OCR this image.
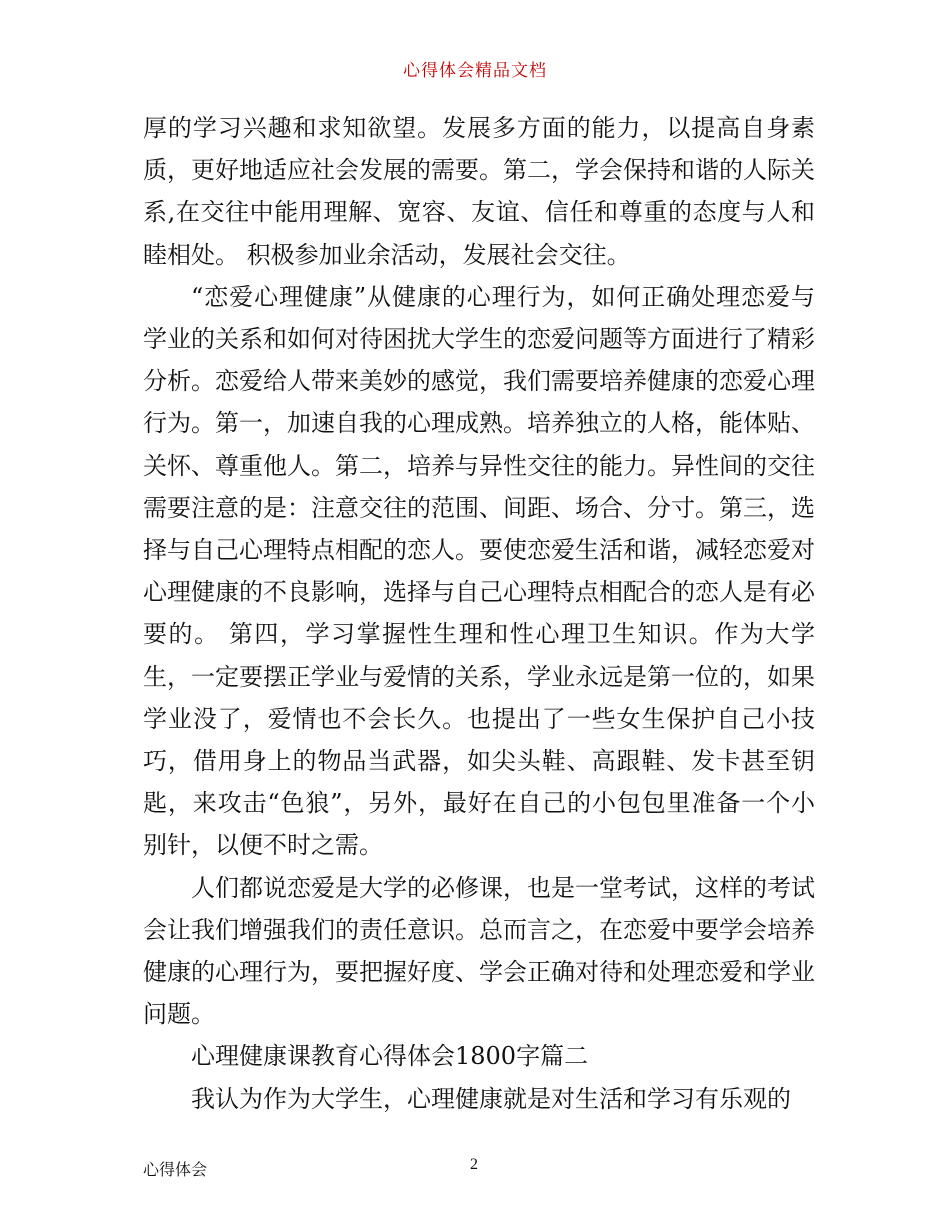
心得体会精品文档

厚的学习兴趣和求知欲望。发展多方面的能力，以提高自身素质，更好地适应社会发展的需要。第二，学会保持和谐的人际关系,在交往中能用理解、宽容、友谊、信任和尊重的态度与人和睦相处。 积极参加业余活动，发展社会交往。

“恋爱心理健康”从健康的心理行为，如何正确处理恋爱与学业的关系和如何对待困扰大学生的恋爱问题等方面进行了精彩分析。恋爱给人带来美妙的感觉，我们需要培养健康的恋爱心理行为。第一，加速自我的心理成熟。培养独立的人格，能体贴、关怀、尊重他人。第二，培养与异性交往的能力。异性间的交往需要注意的是：注意交往的范围、间距、场合、分寸。第三，选择与自己心理特点相配的恋人。要使恋爱生活和谐，减轻恋爱对心理健康的不良影响，选择与自己心理特点相配合的恋人是有必要的。 第四，学习掌握性生理和性心理卫生知识。作为大学生，一定要摆正学业与爱情的关系，学业永远是第一位的，如果学业没了，爱情也不会长久。也提出了一些女生保护自己小技巧，借用身上的物品当武器，如尖头鞋、高跟鞋、发卡甚至钥匙，来攻击“色狼”，另外，最好在自己的小包包里准备一个小别针，以便不时之需。

人们都说恋爱是大学的必修课，也是一堂考试，这样的考试会让我们增强我们的责任意识。总而言之，在恋爱中要学会培养健康的心理行为，要把握好度、学会正确对待和处理恋爱和学业问题。

心理健康课教育心得体会1800字篇二

我认为作为大学生，心理健康就是对生活和学习有乐观的

心得体会	2
